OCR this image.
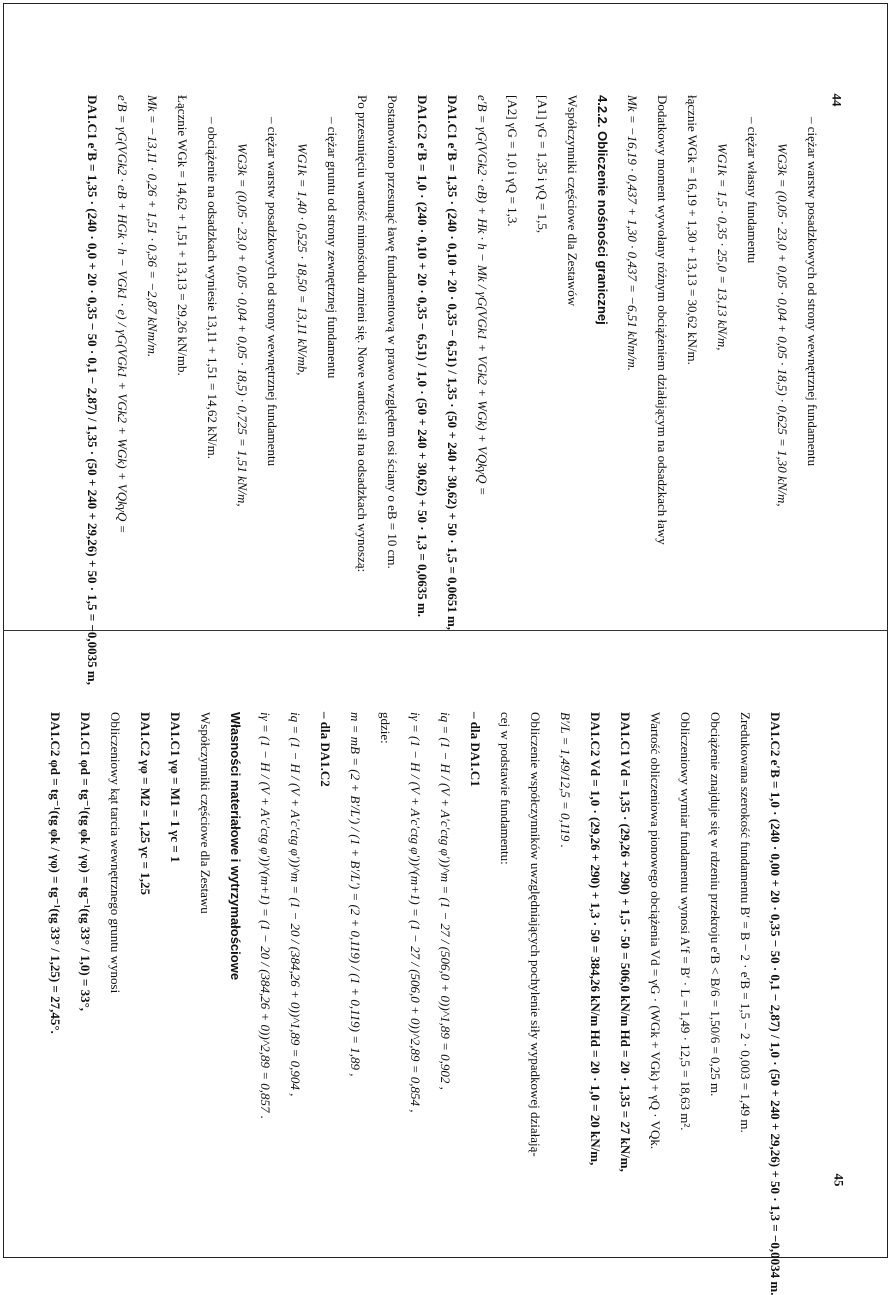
– ciężar warstw posadzkowych od strony wewnętrznej fundamentu
WG3k = (0,05 · 23,0 + 0,05 · 0,04 + 0,05 · 18,5) · 0,625 = 1,30 kN/m,
– ciężar własny fundamentu
WG1k = 1,5 · 0,35 · 25,0 = 13,13 kN/m,
łącznie WGk = 16,19 + 1,30 + 13,13 = 30,62 kN/m.
Dodatkowy moment wywołany różnym obciążeniem działającym na odsadzkach ławy
Mk = −16,19 · 0,437 + 1,30 · 0,437 = −6,51 kNm/m.
4.2.2. Obliczenie nośności granicznej
Współczynniki częściowe dla Zestawów
[A1] γG = 1,35 i γQ = 1,5,
[A2] γG = 1,0 i γQ = 1,3.
e′B = γG(VGk2 · eB) + Hk · h − Mk / γG(VGk1 + VGk2 + WGk) + VQkγQ =
DA1.C1 e′B = 1,35 · (240 · 0,10 + 20 · 0,35 − 6,51) / 1,35 · (50 + 240 + 30,62) + 50 · 1,5 = 0,0651 m,
DA1.C2 e′B = 1,0 · (240 · 0,10 + 20 · 0,35 − 6,51) / 1,0 · (50 + 240 + 30,62) + 50 · 1,3 = 0,0635 m.
Postanowiono przesunąć ławę fundamentową w prawo względem osi ściany o eB = 10 cm.
Po przesunięciu wartość mimośrodu zmieni się. Nowe wartości sił na odsadzkach wynoszą:
– ciężar gruntu od strony zewnętrznej fundamentu
WG1k = 1,40 · 0,525 · 18,50 = 13,11 kN/mb,
– ciężar warstw posadzkowych od strony wewnętrznej fundamentu
WG3k = (0,05 · 23,0 + 0,05 · 0,04 + 0,05 · 18,5) · 0,725 = 1,51 kN/m,
– obciążenie na odsadzkach wyniesie 13,11 + 1,51 = 14,62 kN/m.
Łącznie WGk = 14,62 + 1,51 + 13,13 = 29,26 kN/mb.
Mk = −13,11 · 0,26 + 1,51 · 0,36 = −2,87 kNm/m.
e′B = γG(VGk2 · eB + HGk · h − VGk1 · e) / γG(VGk1 + VGk2 + WGk) + VQkγQ =
DA1.C1 e′B = 1,35 · (240 · 0,0 + 20 · 0,35 − 50 · 0,1 − 2,87) / 1,35 · (50 + 240 + 29,26) + 50 · 1,5 = −0,0035 m,	44
DA1.C2 e′B = 1,0 · (240 · 0,00 + 20 · 0,35 − 50 · 0,1 − 2,87) / 1,0 · (50 + 240 + 29,26) + 50 · 1,3 = −0,0034 m.
Zredukowana szerokość fundamentu B′ = B − 2 · e′B = 1,5 − 2 · 0,003 = 1,49 m.
Obciążenie znajduje się w rdzeniu przekroju e′B < B/6 = 1,50/6 = 0,25 m.
Obliczeniowy wymiar fundamentu wynosi A′f = B′ · L = 1,49 · 12,5 = 18,63 m².
Wartość obliczeniowa pionowego obciążenia Vd = γG · (WGk + VGk) + γQ · VQk.
DA1.C1 Vd = 1,35 · (29,26 + 290) + 1,5 · 50 = 506,0 kN/m Hd = 20 · 1,35 = 27 kN/m,
DA1.C2 Vd = 1,0 · (29,26 + 290) + 1,3 · 50 = 384,26 kN/m Hd = 20 · 1,0 = 20 kN/m,
B′/L = 1,49/12,5 = 0,119 .
Obliczenie współczynników uwzględniających pochylenie siły wypadkowej działają-
cej w podstawie fundamentu:
– dla DA1.C1
iq = (1 − H / (V + A′c′ctg φ′))^m = (1 − 27 / (506,0 + 0))^1,89 = 0,902 ,
iγ = (1 − H / (V + A′c′ctg φ′))^(m+1) = (1 − 27 / (506,0 + 0))^2,89 = 0,854 ,
gdzie:
m = mB = (2 + B′/L′) / (1 + B′/L′) = (2 + 0,119) / (1 + 0,119) = 1,89 ,
– dla DA1.C2
iq = (1 − H / (V + A′c′ctg φ′))^m = (1 − 20 / (384,26 + 0))^1,89 = 0,904 ,
iγ = (1 − H / (V + A′c′ctg φ′))^(m+1) = (1 − 20 / (384,26 + 0))^2,89 = 0,857 .
Własności materiałowe i wytrzymałościowe
Współczynniki częściowe dla Zestawu
DA1.C1 γφ = M1 = 1 γc = 1
DA1.C2 γφ = M2 = 1,25 γc = 1,25
Obliczeniowy kąt tarcia wewnętrznego gruntu wynosi
DA1.C1 φd = tg⁻¹(tg φk / γφ) = tg⁻¹(tg 33° / 1,0) = 33°,
DA1.C2 φd = tg⁻¹(tg φk / γφ) = tg⁻¹(tg 33° / 1,25) = 27,45°.
45
